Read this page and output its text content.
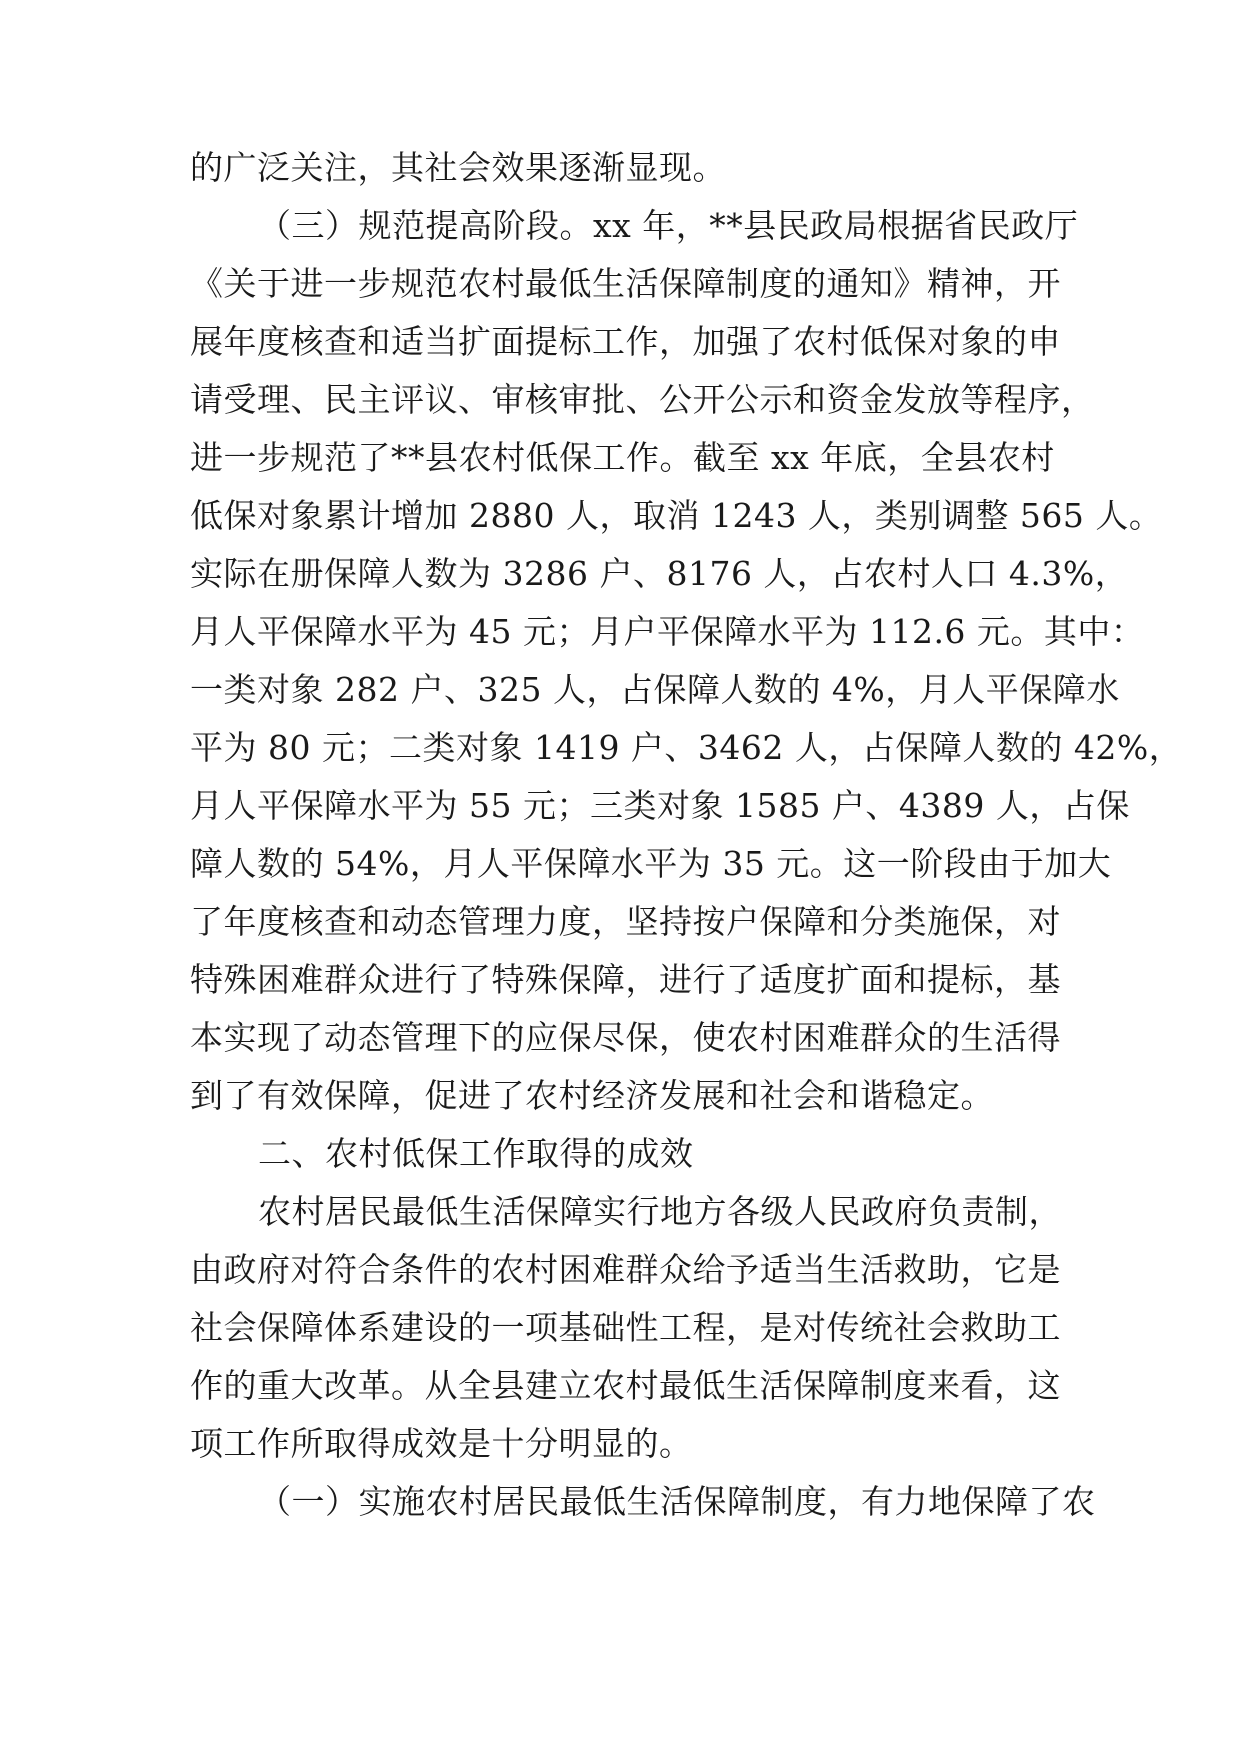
的广泛关注，其社会效果逐渐显现。
（三）规范提高阶段。xx 年，**县民政局根据省民政厅
《关于进一步规范农村最低生活保障制度的通知》精神，开
展年度核查和适当扩面提标工作，加强了农村低保对象的申
请受理、民主评议、审核审批、公开公示和资金发放等程序，
进一步规范了**县农村低保工作。截至 xx 年底，全县农村
低保对象累计增加 2880 人，取消 1243 人，类别调整 565 人。
实际在册保障人数为 3286 户、8176 人，占农村人口 4.3%，
月人平保障水平为 45 元；月户平保障水平为 112.6 元。其中：
一类对象 282 户、325 人，占保障人数的 4%，月人平保障水
平为 80 元；二类对象 1419 户、3462 人，占保障人数的 42%，
月人平保障水平为 55 元；三类对象 1585 户、4389 人，占保
障人数的 54%，月人平保障水平为 35 元。这一阶段由于加大
了年度核查和动态管理力度，坚持按户保障和分类施保，对
特殊困难群众进行了特殊保障，进行了适度扩面和提标，基
本实现了动态管理下的应保尽保，使农村困难群众的生活得
到了有效保障，促进了农村经济发展和社会和谐稳定。
二、农村低保工作取得的成效
农村居民最低生活保障实行地方各级人民政府负责制，
由政府对符合条件的农村困难群众给予适当生活救助，它是
社会保障体系建设的一项基础性工程，是对传统社会救助工
作的重大改革。从全县建立农村最低生活保障制度来看，这
项工作所取得成效是十分明显的。
（一）实施农村居民最低生活保障制度，有力地保障了农
